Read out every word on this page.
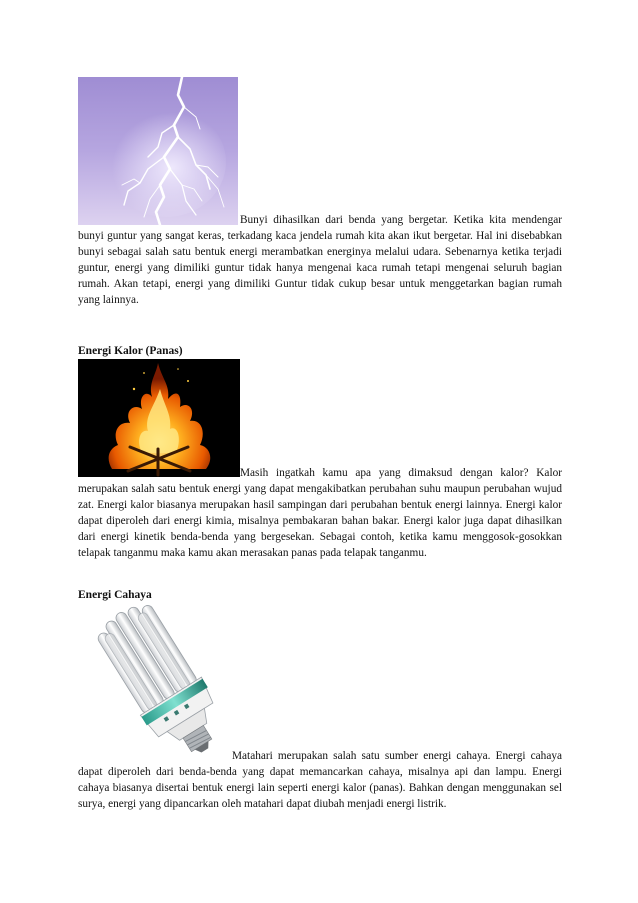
Bunyi dihasilkan dari benda yang bergetar. Ketika kita mendengar bunyi guntur yang sangat keras, terkadang kaca jendela rumah kita akan ikut bergetar. Hal ini disebabkan bunyi sebagai salah satu bentuk energi merambatkan energinya melalui udara. Sebenarnya ketika terjadi guntur, energi yang dimiliki guntur tidak hanya mengenai kaca rumah tetapi mengenai seluruh bagian rumah. Akan tetapi, energi yang dimiliki Guntur tidak cukup besar untuk menggetarkan bagian rumah yang lainnya.

Energi Kalor (Panas)

Masih ingatkah kamu apa yang dimaksud dengan kalor? Kalor merupakan salah satu bentuk energi yang dapat mengakibatkan perubahan suhu maupun perubahan wujud zat. Energi kalor biasanya merupakan hasil sampingan dari perubahan bentuk energi lainnya. Energi kalor dapat diperoleh dari energi kimia, misalnya pembakaran bahan bakar. Energi kalor juga dapat dihasilkan dari energi kinetik benda-benda yang bergesekan. Sebagai contoh, ketika kamu menggosok-gosokkan telapak tanganmu maka kamu akan merasakan panas pada telapak tanganmu.

Energi Cahaya

Matahari merupakan salah satu sumber energi cahaya. Energi cahaya dapat diperoleh dari benda-benda yang dapat memancarkan cahaya, misalnya api dan lampu. Energi cahaya biasanya disertai bentuk energi lain seperti energi kalor (panas). Bahkan dengan menggunakan sel surya, energi yang dipancarkan oleh matahari dapat diubah menjadi energi listrik.
